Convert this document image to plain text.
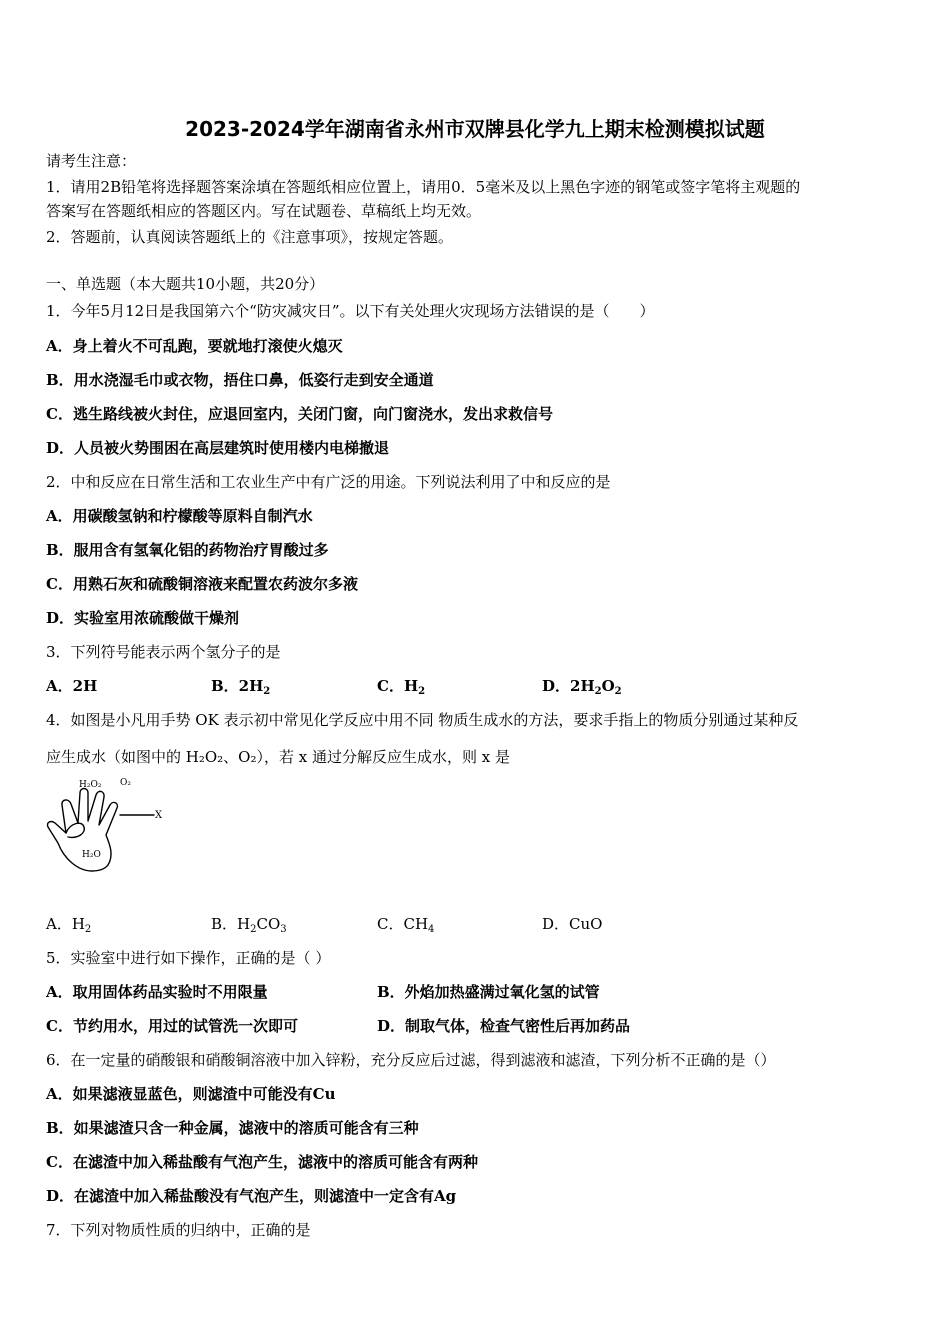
2023-2024学年湖南省永州市双牌县化学九上期末检测模拟试题
请考生注意：
1．请用2B铅笔将选择题答案涂填在答题纸相应位置上，请用0．5毫米及以上黑色字迹的钢笔或签字笔将主观题的
答案写在答题纸相应的答题区内。写在试题卷、草稿纸上均无效。
2．答题前，认真阅读答题纸上的《注意事项》，按规定答题。
一、单选题（本大题共10小题，共20分）
1．今年5月12日是我国第六个“防灾减灾日”。以下有关处理火灾现场方法错误的是（　　）
A．身上着火不可乱跑，要就地打滚使火熄灭
B．用水浇湿毛巾或衣物，捂住口鼻，低姿行走到安全通道
C．逃生路线被火封住，应退回室内，关闭门窗，向门窗浇水，发出求救信号
D．人员被火势围困在高层建筑时使用楼内电梯撤退
2．中和反应在日常生活和工农业生产中有广泛的用途。下列说法利用了中和反应的是
A．用碳酸氢钠和柠檬酸等原料自制汽水
B．服用含有氢氧化铝的药物治疗胃酸过多
C．用熟石灰和硫酸铜溶液来配置农药波尔多液
D．实验室用浓硫酸做干燥剂
3．下列符号能表示两个氢分子的是
A．2H	B．$2H_2$	C．$H_2$	D．$2H_2O_2$
4．如图是小凡用手势 OK 表示初中常见化学反应中用不同 物质生成水的方法，要求手指上的物质分别通过某种反
应生成水（如图中的 H₂O₂、O₂），若 x 通过分解反应生成水，则 x 是
H₂O₂ O₂
X
H₂O
A．$H_2$	B．$H_2CO_3$	C．$CH_4$	D．CuO
5．实验室中进行如下操作，正确的是（ ）
A．取用固体药品实验时不用限量	B．外焰加热盛满过氧化氢的试管
C．节约用水，用过的试管洗一次即可	D．制取气体，检查气密性后再加药品
6．在一定量的硝酸银和硝酸铜溶液中加入锌粉，充分反应后过滤，得到滤液和滤渣，下列分析不正确的是（）
A．如果滤液显蓝色，则滤渣中可能没有Cu
B．如果滤渣只含一种金属，滤液中的溶质可能含有三种
C．在滤渣中加入稀盐酸有气泡产生，滤液中的溶质可能含有两种
D．在滤渣中加入稀盐酸没有气泡产生，则滤渣中一定含有Ag
7．下列对物质性质的归纳中，正确的是
